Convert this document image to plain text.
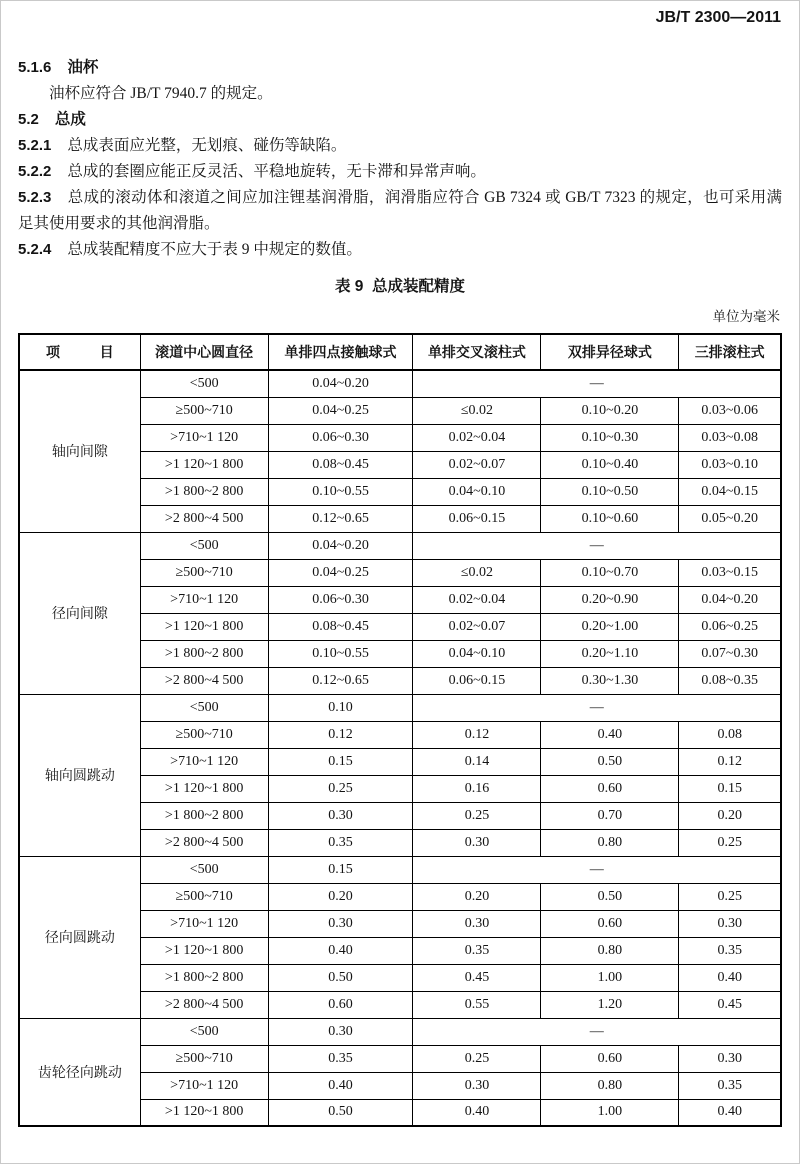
JB/T 2300—2011

5.1.6 油杯

油杯应符合 JB/T 7940.7 的规定。

5.2 总成

5.2.1 总成表面应光整，无划痕、碰伤等缺陷。

5.2.2 总成的套圈应能正反灵活、平稳地旋转，无卡滞和异常声响。

5.2.3 总成的滚动体和滚道之间应加注锂基润滑脂，润滑脂应符合 GB 7324 或 GB/T 7323 的规定，也可采用满足其使用要求的其他润滑脂。

5.2.4 总成装配精度不应大于表 9 中规定的数值。

表 9  总成装配精度
单位为毫米
项 目	滚道中心圆直径	单排四点接触球式	单排交叉滚柱式	双排异径球式	三排滚柱式
轴向间隙	<500	0.04~0.20	—		
	≥500~710	0.04~0.25	≤0.02	0.10~0.20	0.03~0.06
	>710~1 120	0.06~0.30	0.02~0.04	0.10~0.30	0.03~0.08
	>1 120~1 800	0.08~0.45	0.02~0.07	0.10~0.40	0.03~0.10
	>1 800~2 800	0.10~0.55	0.04~0.10	0.10~0.50	0.04~0.15
	>2 800~4 500	0.12~0.65	0.06~0.15	0.10~0.60	0.05~0.20
径向间隙	<500	0.04~0.20	—		
	≥500~710	0.04~0.25	≤0.02	0.10~0.70	0.03~0.15
	>710~1 120	0.06~0.30	0.02~0.04	0.20~0.90	0.04~0.20
	>1 120~1 800	0.08~0.45	0.02~0.07	0.20~1.00	0.06~0.25
	>1 800~2 800	0.10~0.55	0.04~0.10	0.20~1.10	0.07~0.30
	>2 800~4 500	0.12~0.65	0.06~0.15	0.30~1.30	0.08~0.35
轴向圆跳动	<500	0.10	—		
	≥500~710	0.12	0.12	0.40	0.08
	>710~1 120	0.15	0.14	0.50	0.12
	>1 120~1 800	0.25	0.16	0.60	0.15
	>1 800~2 800	0.30	0.25	0.70	0.20
	>2 800~4 500	0.35	0.30	0.80	0.25
径向圆跳动	<500	0.15	—		
	≥500~710	0.20	0.20	0.50	0.25
	>710~1 120	0.30	0.30	0.60	0.30
	>1 120~1 800	0.40	0.35	0.80	0.35
	>1 800~2 800	0.50	0.45	1.00	0.40
	>2 800~4 500	0.60	0.55	1.20	0.45
齿轮径向跳动	<500	0.30	—		
	≥500~710	0.35	0.25	0.60	0.30
	>710~1 120	0.40	0.30	0.80	0.35
	>1 120~1 800	0.50	0.40	1.00	0.40
